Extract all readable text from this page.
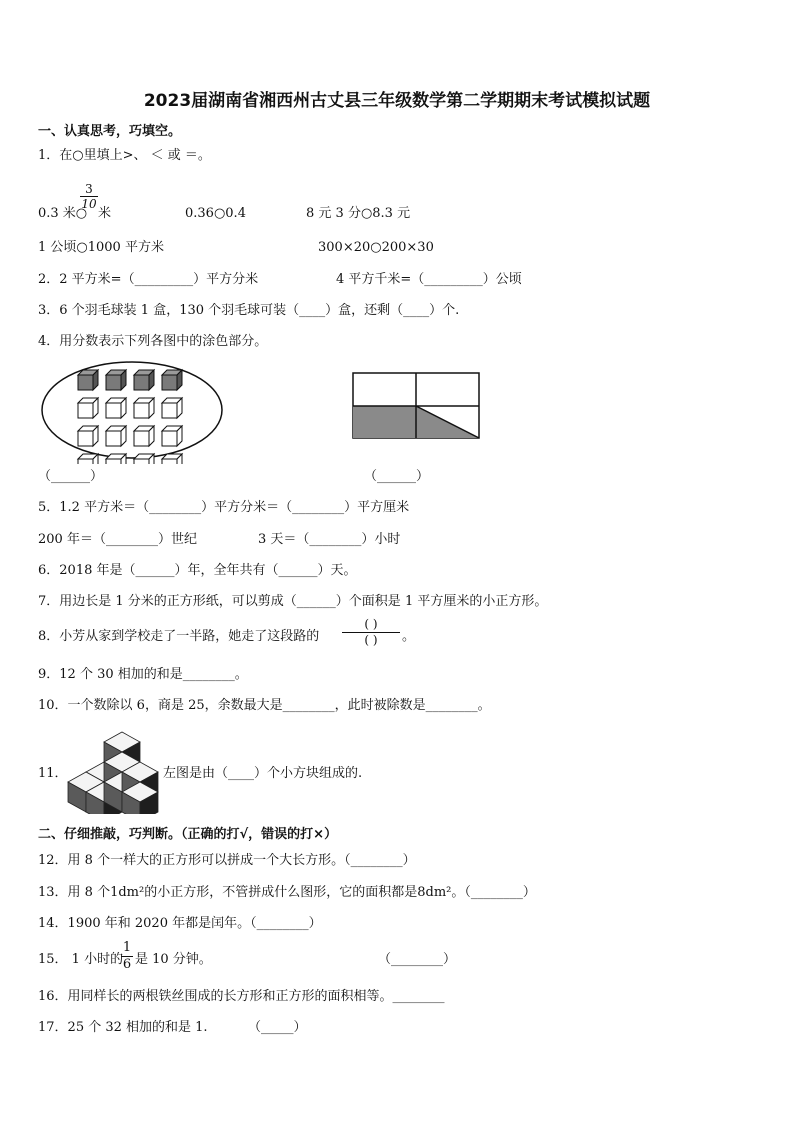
2023届湖南省湘西州古丈县三年级数学第二学期期末考试模拟试题
一、认真思考，巧填空。
1．在○里填上>、 ＜ 或 ＝。
0.3 米○
3
10
米	0.36○0.4	8 元 3 分○8.3 元
1 公顷○1000 平方米	300×20○200×30
2．2 平方米=（_________）平方分米	4 平方千米=（_________）公顷
3．6 个羽毛球装 1 盒，130 个羽毛球可装（____）盒，还剩（____）个.
4．用分数表示下列各图中的涂色部分。
（______）	（______）
5．1.2 平方米＝（________）平方分米＝（________）平方厘米
200 年＝（________）世纪	3 天＝（________）小时
6．2018 年是（______）年，全年共有（______）天。
7．用边长是 1 分米的正方形纸，可以剪成（______）个面积是 1 平方厘米的小正方形。
8．小芳从家到学校走了一半路，她走了这段路的
( )
( )	。
9．12 个 30 相加的和是________。
10．一个数除以 6，商是 25，余数最大是________，此时被除数是________。
11．	左图是由（____）个小方块组成的.
二、仔细推敲，巧判断。（正确的打√，错误的打×）
12．用 8 个一样大的正方形可以拼成一个大长方形。（________）
13．用 8 个1dm²的小正方形，不管拼成什么图形，它的面积都是8dm²。（________）
14．1900 年和 2020 年都是闰年。（________）
15． 1 小时的
1
6 是 10 分钟。	（________）
16．用同样长的两根铁丝围成的长方形和正方形的面积相等。________
17．25 个 32 相加的和是 1.	（_____）
